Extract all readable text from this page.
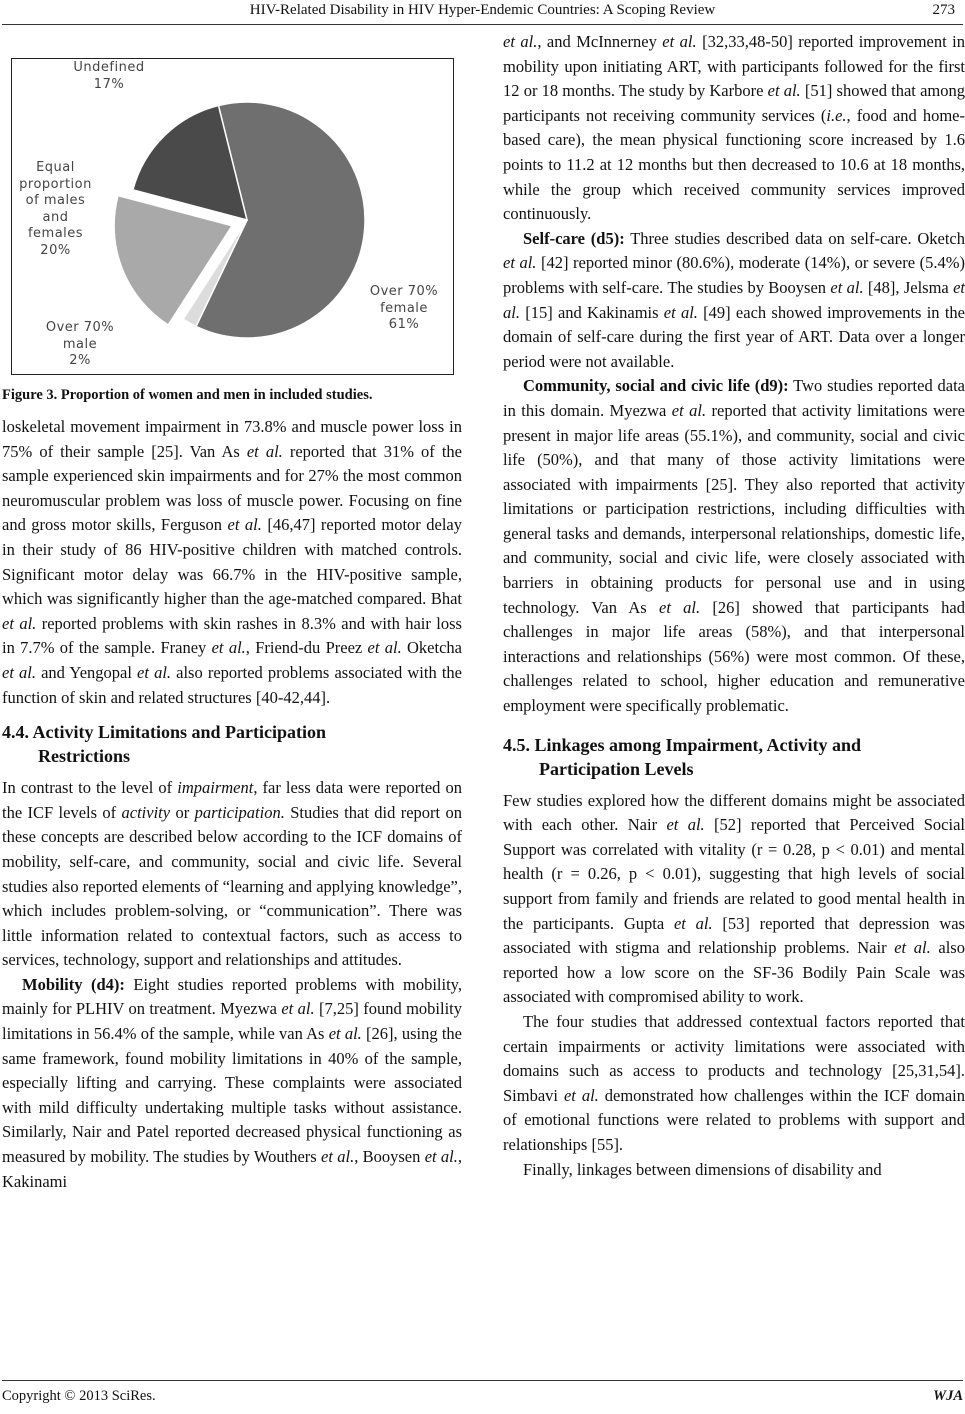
HIV-Related Disability in HIV Hyper-Endemic Countries: A Scoping Review	273
Undefined
17%
Equal
proportion
of males
and
females
20%
Over 70%
male
2%
Over 70%
female
61%
Figure 3. Proportion of women and men in included studies.

loskeletal movement impairment in 73.8% and muscle power loss in 75% of their sample [25]. Van As et al. reported that 31% of the sample experienced skin impairments and for 27% the most common neuromuscular problem was loss of muscle power. Focusing on fine and gross motor skills, Ferguson et al. [46,47] reported motor delay in their study of 86 HIV-positive children with matched controls. Significant motor delay was 66.7% in the HIV-positive sample, which was significantly higher than the age-matched compared. Bhat et al. reported problems with skin rashes in 8.3% and with hair loss in 7.7% of the sample. Franey et al., Friend-du Preez et al. Oketcha et al. and Yengopal et al. also reported problems associated with the function of skin and related structures [40-42,44].

4.4. Activity Limitations and Participation
Restrictions

In contrast to the level of impairment, far less data were reported on the ICF levels of activity or participation. Studies that did report on these concepts are described below according to the ICF domains of mobility, self-care, and community, social and civic life. Several studies also reported elements of “learning and applying knowledge”, which includes problem-solving, or “communication”. There was little information related to contextual factors, such as access to services, technology, support and relationships and attitudes.

Mobility (d4): Eight studies reported problems with mobility, mainly for PLHIV on treatment. Myezwa et al. [7,25] found mobility limitations in 56.4% of the sample, while van As et al. [26], using the same framework, found mobility limitations in 40% of the sample, especially lifting and carrying. These complaints were associated with mild difficulty undertaking multiple tasks without assistance. Similarly, Nair and Patel reported decreased physical functioning as measured by mobility. The studies by Wouthers et al., Booysen et al., Kakinami

et al., and McInnerney et al. [32,33,48-50] reported improvement in mobility upon initiating ART, with participants followed for the first 12 or 18 months. The study by Karbore et al. [51] showed that among participants not receiving community services (i.e., food and home-based care), the mean physical functioning score increased by 1.6 points to 11.2 at 12 months but then decreased to 10.6 at 18 months, while the group which received community services improved continuously.

Self-care (d5): Three studies described data on self-care. Oketch et al. [42] reported minor (80.6%), moderate (14%), or severe (5.4%) problems with self-care. The studies by Booysen et al. [48], Jelsma et al. [15] and Kakinamis et al. [49] each showed improvements in the domain of self-care during the first year of ART. Data over a longer period were not available.

Community, social and civic life (d9): Two studies reported data in this domain. Myezwa et al. reported that activity limitations were present in major life areas (55.1%), and community, social and civic life (50%), and that many of those activity limitations were associated with impairments [25]. They also reported that activity limitations or participation restrictions, including difficulties with general tasks and demands, interpersonal relationships, domestic life, and community, social and civic life, were closely associated with barriers in obtaining products for personal use and in using technology. Van As et al. [26] showed that participants had challenges in major life areas (58%), and that interpersonal interactions and relationships (56%) were most common. Of these, challenges related to school, higher education and remunerative employment were specifically problematic.

4.5. Linkages among Impairment, Activity and
Participation Levels

Few studies explored how the different domains might be associated with each other. Nair et al. [52] reported that Perceived Social Support was correlated with vitality (r = 0.28, p < 0.01) and mental health (r = 0.26, p < 0.01), suggesting that high levels of social support from family and friends are related to good mental health in the participants. Gupta et al. [53] reported that depression was associated with stigma and relationship problems. Nair et al. also reported how a low score on the SF-36 Bodily Pain Scale was associated with compromised ability to work.

The four studies that addressed contextual factors reported that certain impairments or activity limitations were associated with domains such as access to products and technology [25,31,54]. Simbavi et al. demonstrated how challenges within the ICF domain of emotional functions were related to problems with support and relationships [55].

Finally, linkages between dimensions of disability and

Copyright © 2013 SciRes.	WJA
